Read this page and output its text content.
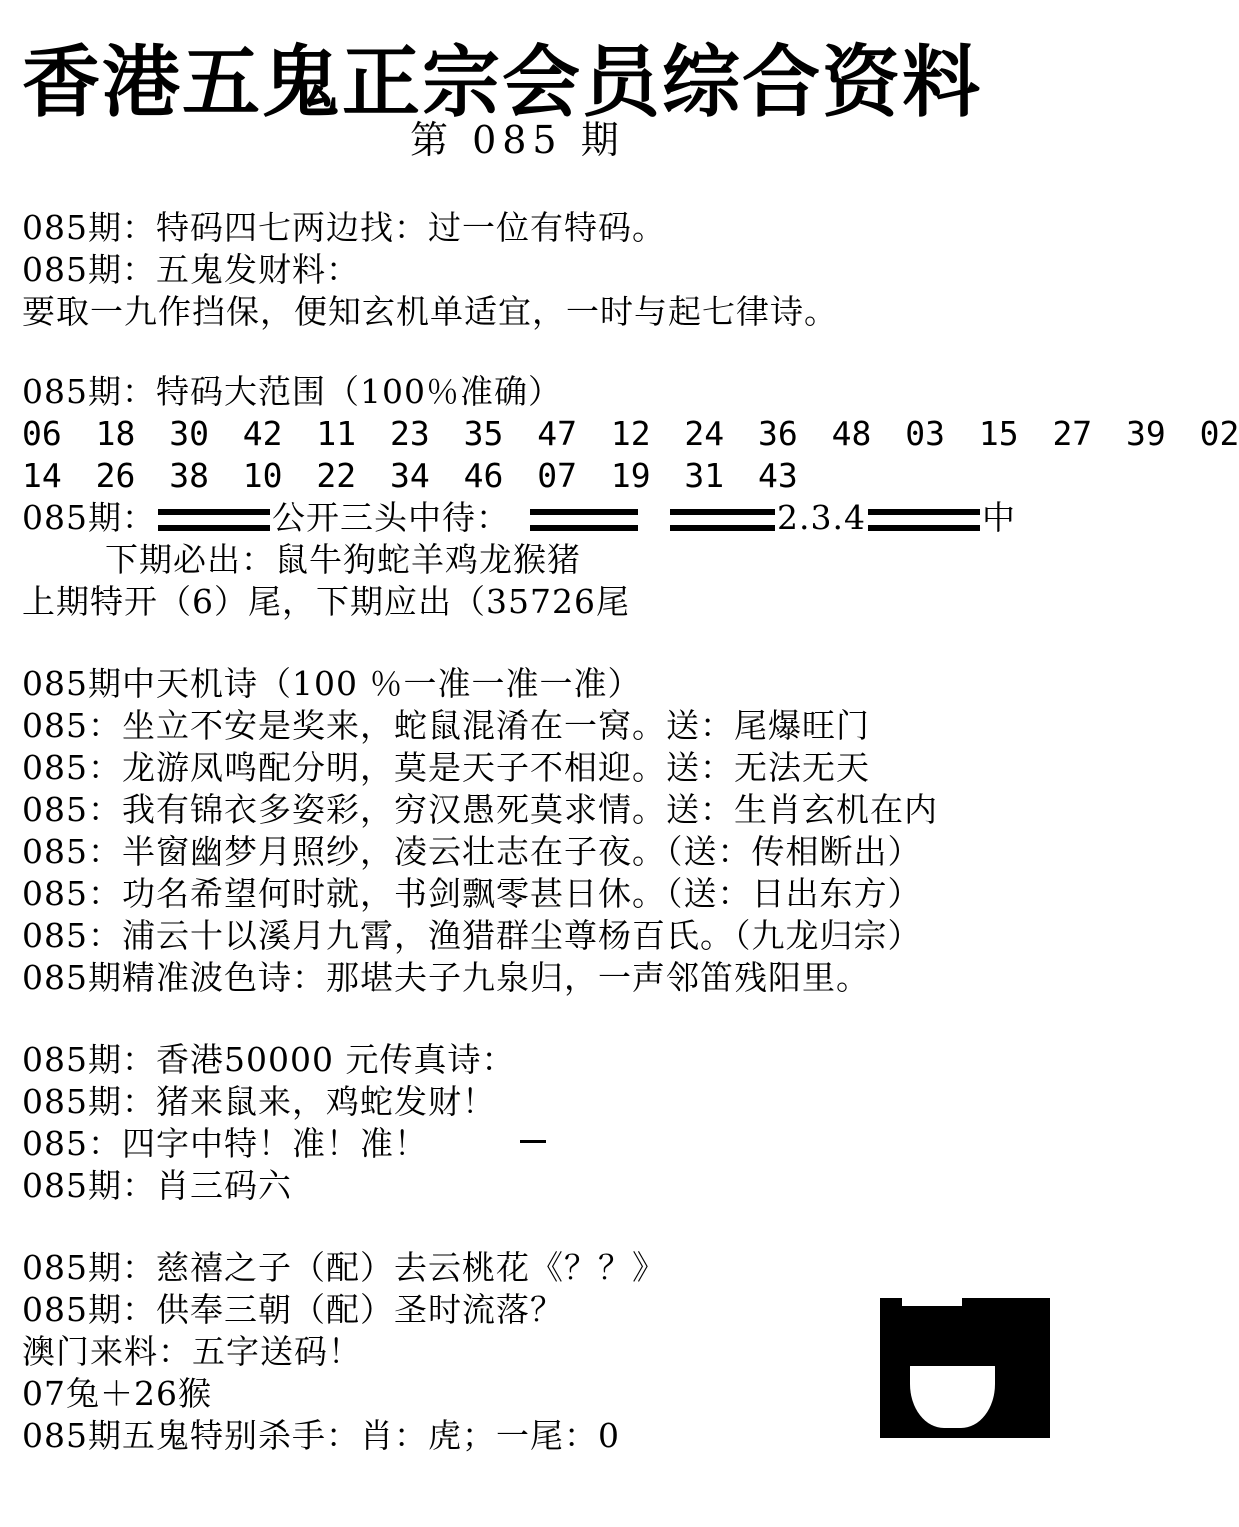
香港五鬼正宗会员综合资料
第 085 期
085期：特码四七两边找：过一位有特码。
085期：五鬼发财料：
要取一九作挡保，便知玄机单适宜，一时与起七律诗。
085期：特码大范围（100％准确）
06 18 30 42 11 23 35 47 12 24 36 48 03 15 27 39 02
14 26 38 10 22 34 46 07 19 31 43
085期：	公开三头中待：	2.3.4	中
下期必出：鼠牛狗蛇羊鸡龙猴猪
上期特开（6）尾，下期应出（35726尾
085期中天机诗（100 ％一准一准一准）
085：坐立不安是奖来，蛇鼠混淆在一窝。送：尾爆旺门
085：龙游凤鸣配分明，莫是天子不相迎。送：无法无天
085：我有锦衣多姿彩，穷汉愚死莫求情。送：生肖玄机在内
085：半窗幽梦月照纱，凌云壮志在子夜。（送：传相断出）
085：功名希望何时就，书剑飘零甚日休。（送：日出东方）
085：浦云十以溪月九霄，渔猎群尘尊杨百氏。（九龙归宗）
085期精准波色诗：那堪夫子九泉归，一声邻笛残阳里。
085期：香港50000 元传真诗：
085期：猪来鼠来，鸡蛇发财！
085：四字中特！准！准！
085期：肖三码六
085期：慈禧之子（配）去云桃花《？？》
085期：供奉三朝（配）圣时流落？
澳门来料：五字送码！
07兔＋26猴
085期五鬼特别杀手：肖：虎；一尾：0
